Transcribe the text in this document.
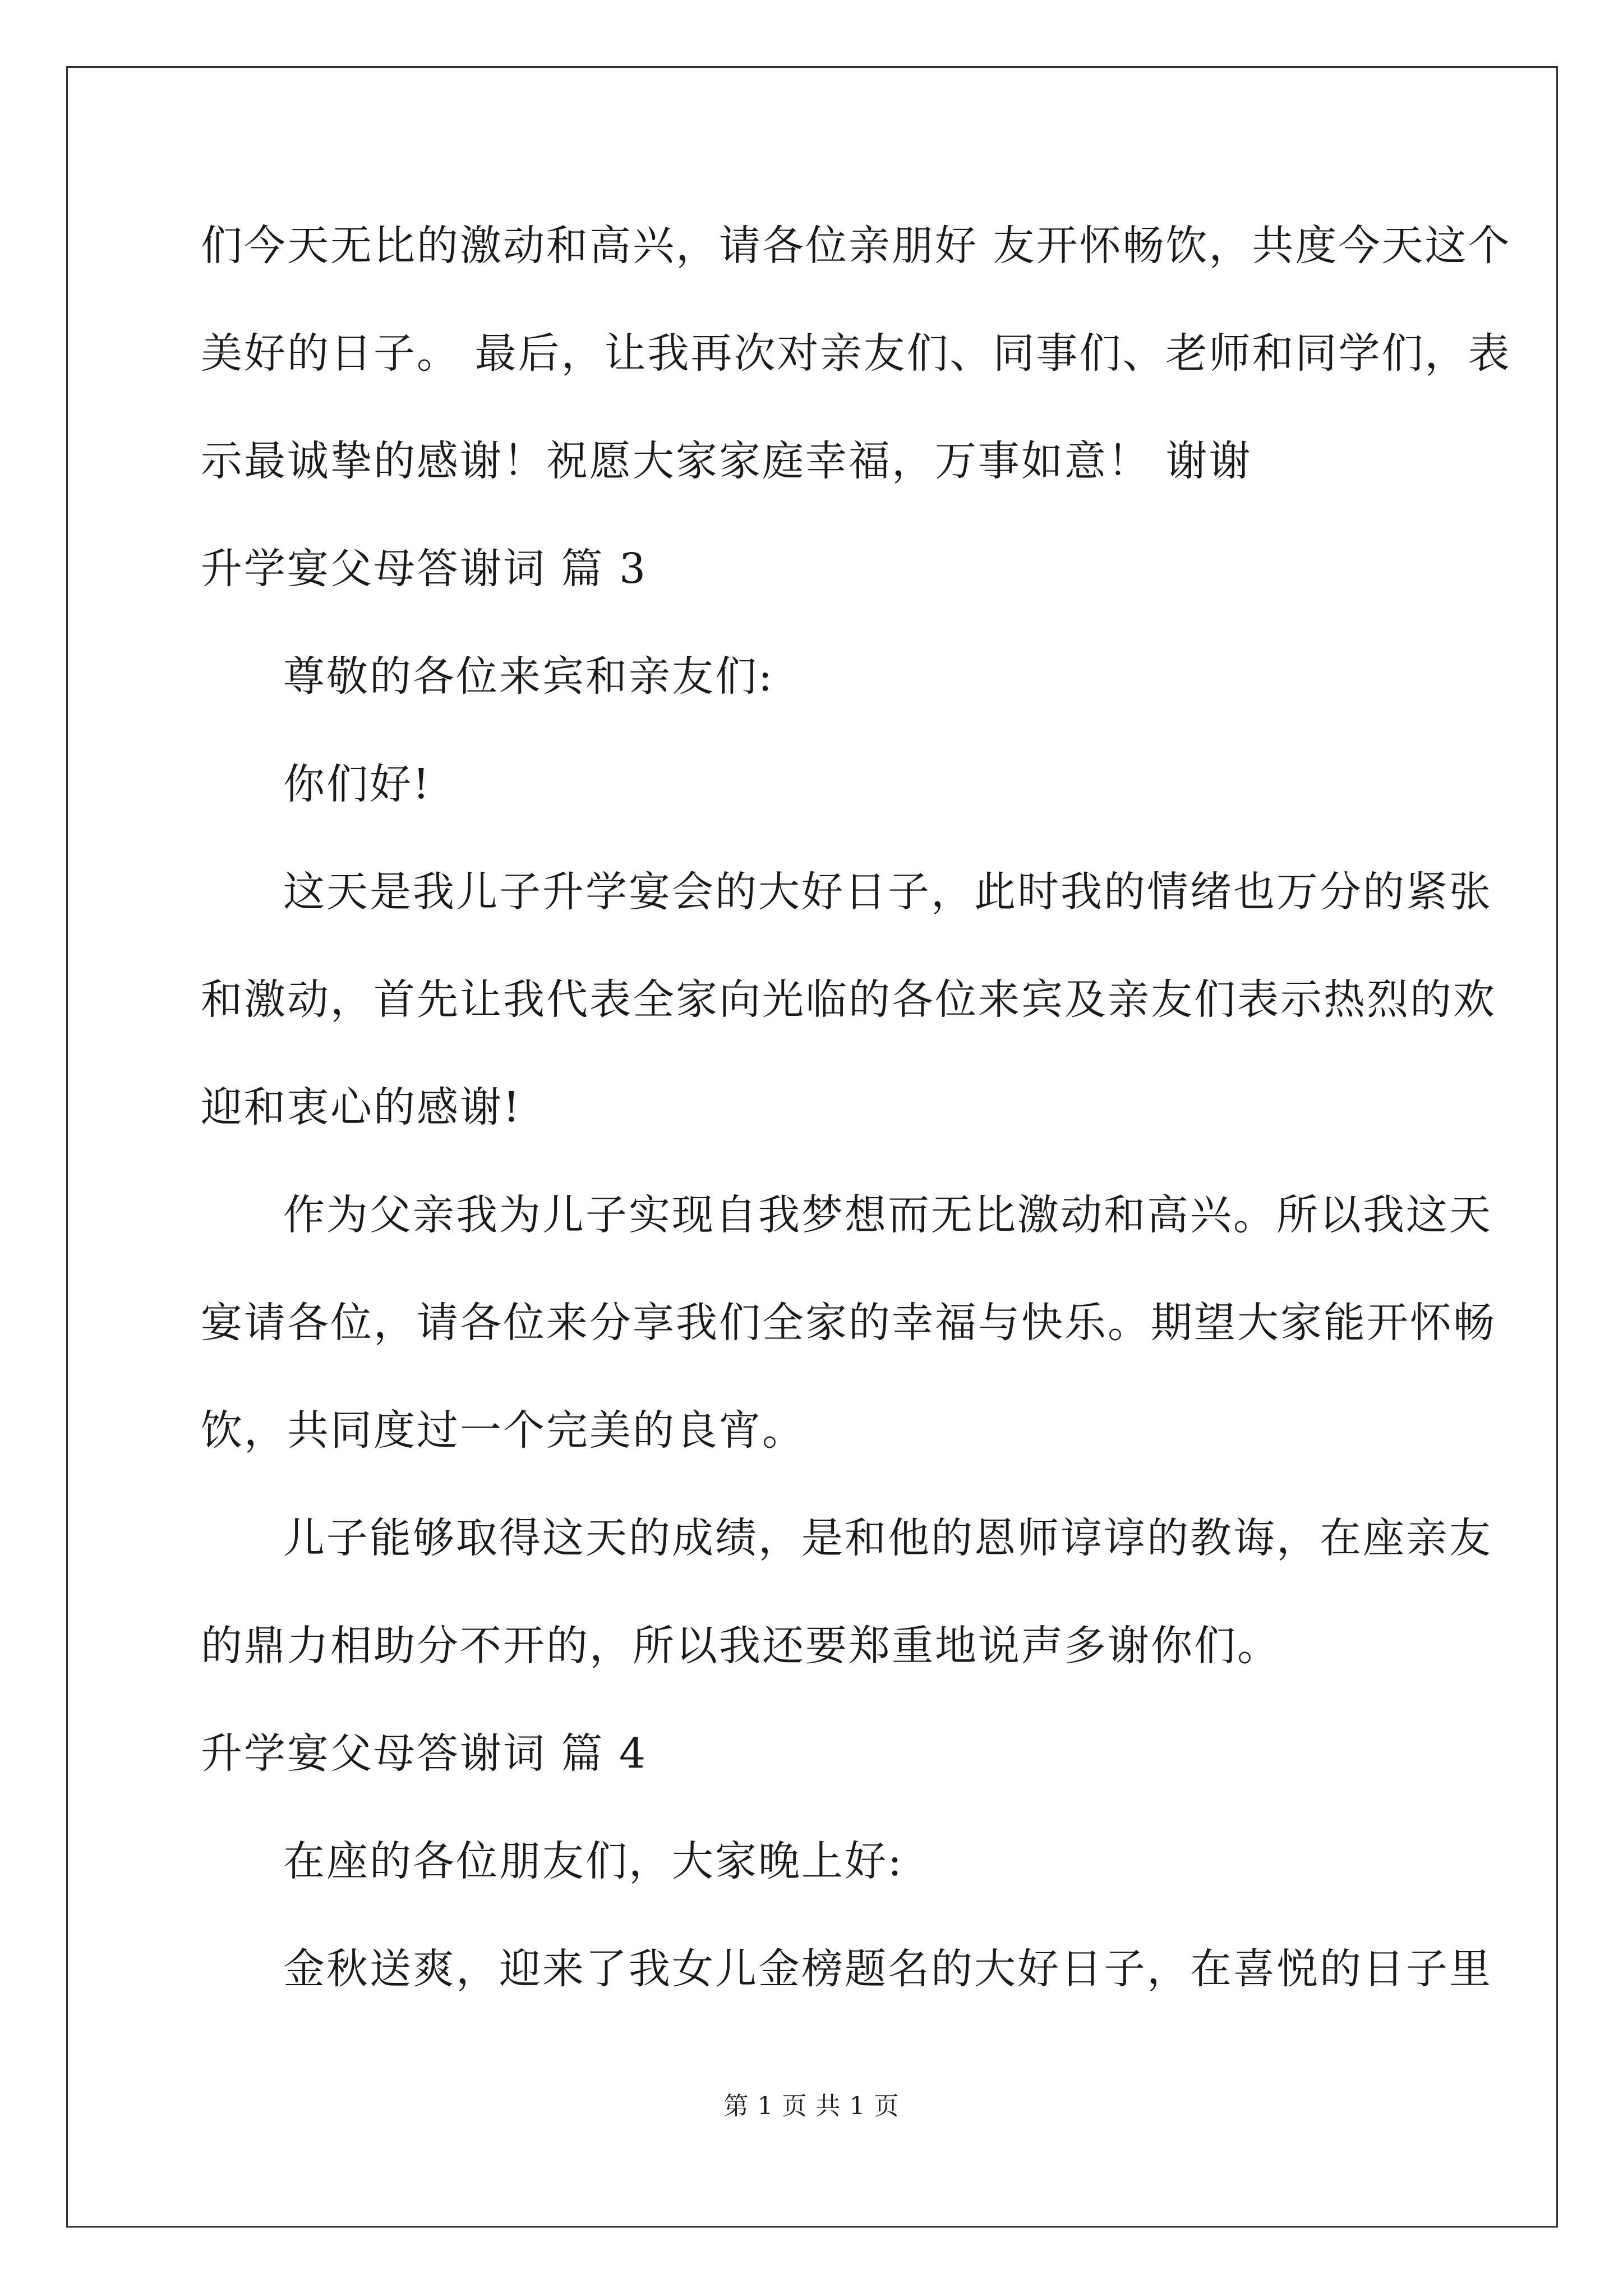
们今天无比的激动和高兴，请各位亲朋好 友开怀畅饮，共度今天这个
美好的日子。 最后，让我再次对亲友们、同事们、老师和同学们，表
示最诚挚的感谢！祝愿大家家庭幸福，万事如意！ 谢谢
升学宴父母答谢词 篇 3
尊敬的各位来宾和亲友们:
你们好!
这天是我儿子升学宴会的大好日子，此时我的情绪也万分的紧张
和激动，首先让我代表全家向光临的各位来宾及亲友们表示热烈的欢
迎和衷心的感谢!
作为父亲我为儿子实现自我梦想而无比激动和高兴。所以我这天
宴请各位，请各位来分享我们全家的幸福与快乐。期望大家能开怀畅
饮，共同度过一个完美的良宵。
儿子能够取得这天的成绩，是和他的恩师谆谆的教诲，在座亲友
的鼎力相助分不开的，所以我还要郑重地说声多谢你们。
升学宴父母答谢词 篇 4
在座的各位朋友们，大家晚上好:
金秋送爽，迎来了我女儿金榜题名的大好日子，在喜悦的日子里
第 1 页 共 1 页
